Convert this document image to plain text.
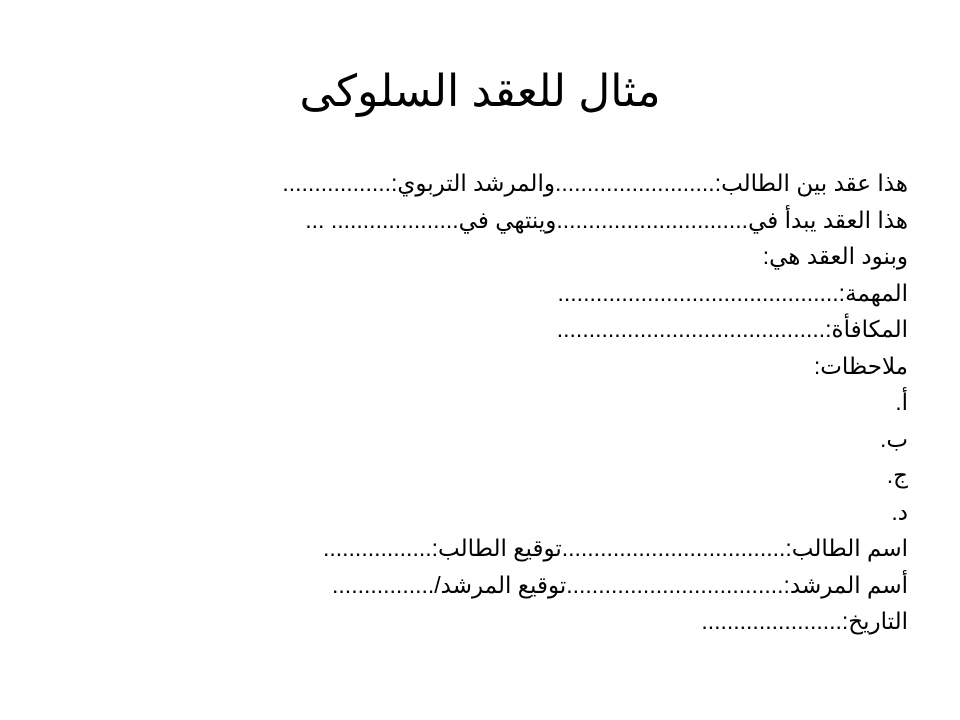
مثال للعقد السلوكى
هذا عقد بين الطالب:.........................والمرشد التربوي:.................
هذا العقد يبدأ في..............................وينتهي في.................... ...
وبنود العقد هي:
المهمة:............................................
المكافأة:..........................................
ملاحظات:
أ.
ب.
ج.
د.
اسم الطالب:...................................توقيع الطالب:.................
أسم المرشد:..................................توقيع المرشد/................
التاريخ:......................
